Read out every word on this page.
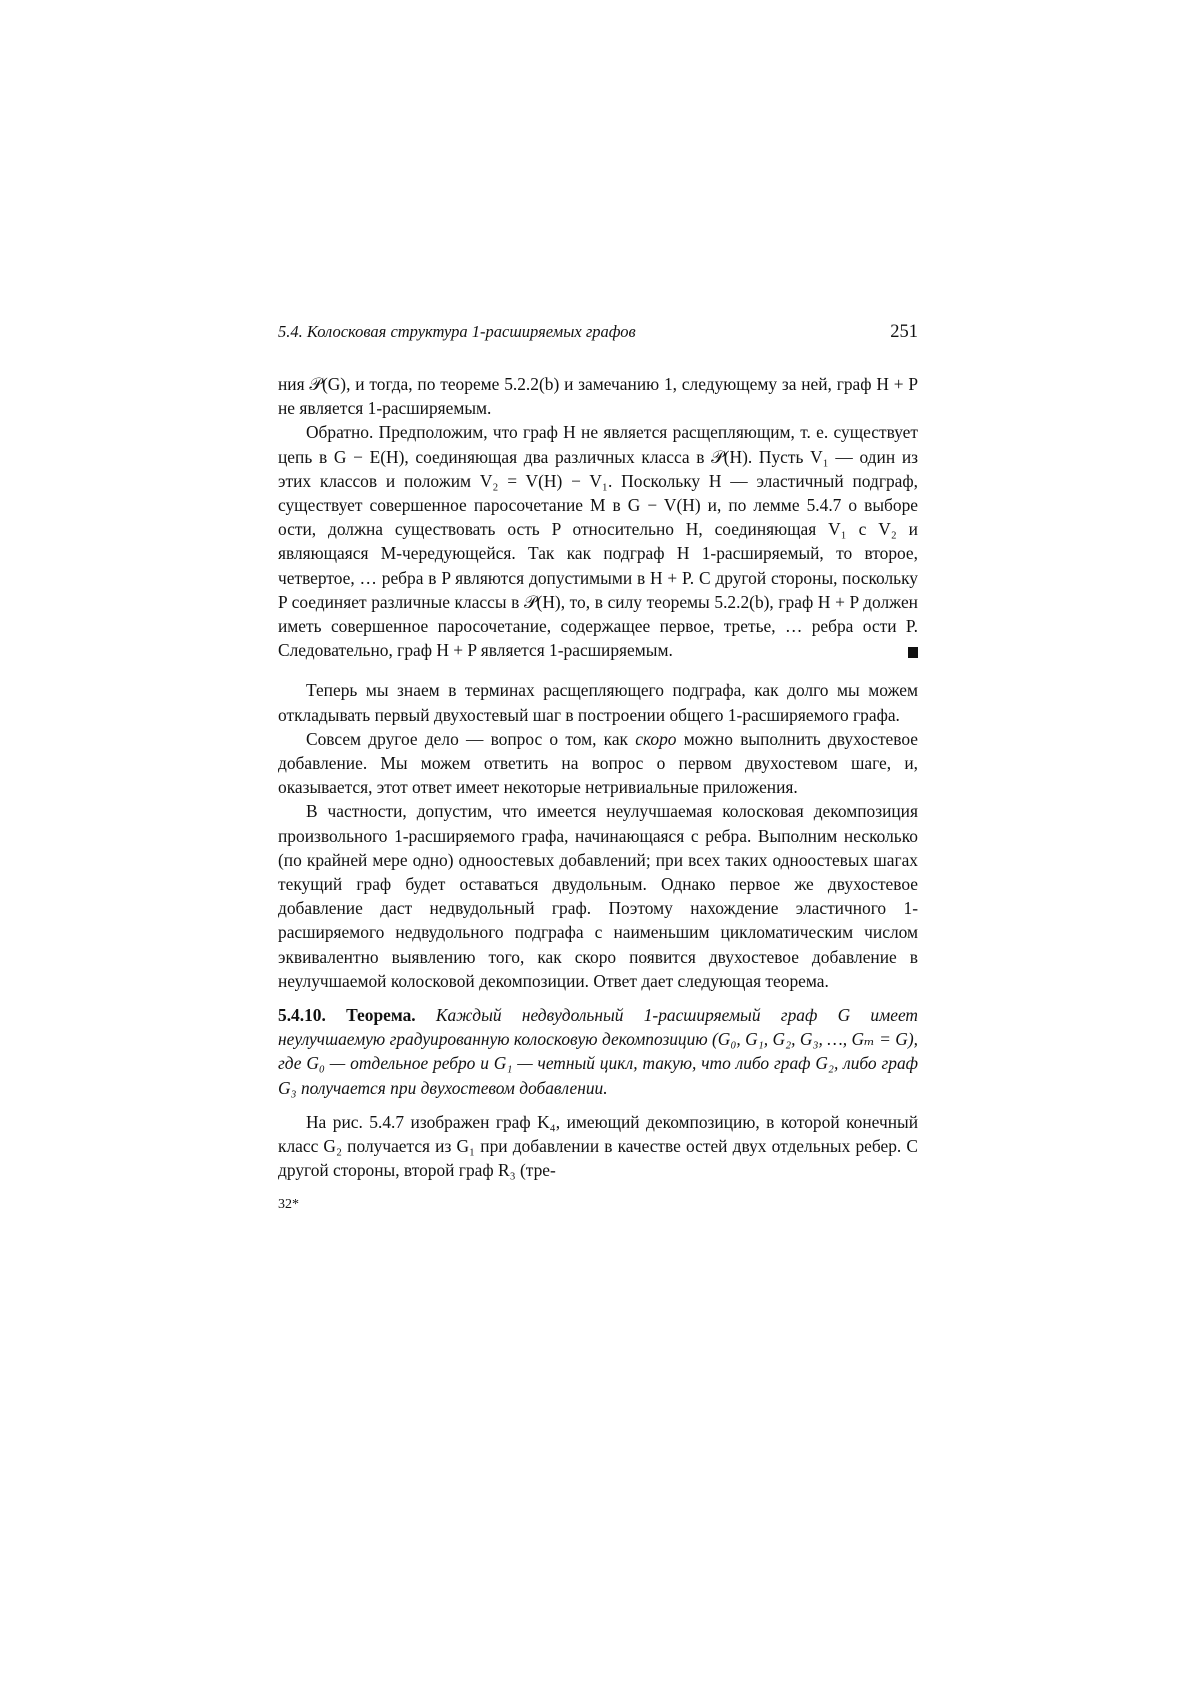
5.4. Колосковая структура 1-расширяемых графов	251

ния 𝒫(G), и тогда, по теореме 5.2.2(b) и замечанию 1, следующему за ней, граф H + P не является 1-расширяемым.

Обратно. Предположим, что граф H не является расщепляющим, т. е. существует цепь в G − E(H), соединяющая два различных класса в 𝒫(H). Пусть V₁ — один из этих классов и положим V₂ = V(H) − V₁. Поскольку H — эластичный подграф, существует совершенное паросочетание M в G − V(H) и, по лемме 5.4.7 о выборе ости, должна существовать ость P относительно H, соединяющая V₁ с V₂ и являющаяся M-чередующейся. Так как подграф H 1-расширяемый, то второе, четвертое, … ребра в P являются допустимыми в H + P. С другой стороны, поскольку P соединяет различные классы в 𝒫(H), то, в силу теоремы 5.2.2(b), граф H + P должен иметь совершенное паросочетание, содержащее первое, третье, … ребра ости P. Следовательно, граф H + P является 1-расширяемым.

Теперь мы знаем в терминах расщепляющего подграфа, как долго мы можем откладывать первый двухостевый шаг в построении общего 1-расширяемого графа.

Совсем другое дело — вопрос о том, как скоро можно выполнить двухостевое добавление. Мы можем ответить на вопрос о первом двухостевом шаге, и, оказывается, этот ответ имеет некоторые нетривиальные приложения.

В частности, допустим, что имеется неулучшаемая колосковая декомпозиция произвольного 1-расширяемого графа, начинающаяся с ребра. Выполним несколько (по крайней мере одно) одноостевых добавлений; при всех таких одноостевых шагах текущий граф будет оставаться двудольным. Однако первое же двухостевое добавление даст недвудольный граф. Поэтому нахождение эластичного 1-расширяемого недвудольного подграфа с наименьшим цикломатическим числом эквивалентно выявлению того, как скоро появится двухостевое добавление в неулучшаемой колосковой декомпозиции. Ответ дает следующая теорема.

5.4.10. Теорема. Каждый недвудольный 1-расширяемый граф G имеет неулучшаемую градуированную колосковую декомпозицию (G₀, G₁, G₂, G₃, …, Gₘ = G), где G₀ — отдельное ребро и G₁ — четный цикл, такую, что либо граф G₂, либо граф G₃ получается при двухостевом добавлении.

На рис. 5.4.7 изображен граф K₄, имеющий декомпозицию, в которой конечный класс G₂ получается из G₁ при добавлении в качестве остей двух отдельных ребер. С другой стороны, второй граф R₃ (тре-

32*
